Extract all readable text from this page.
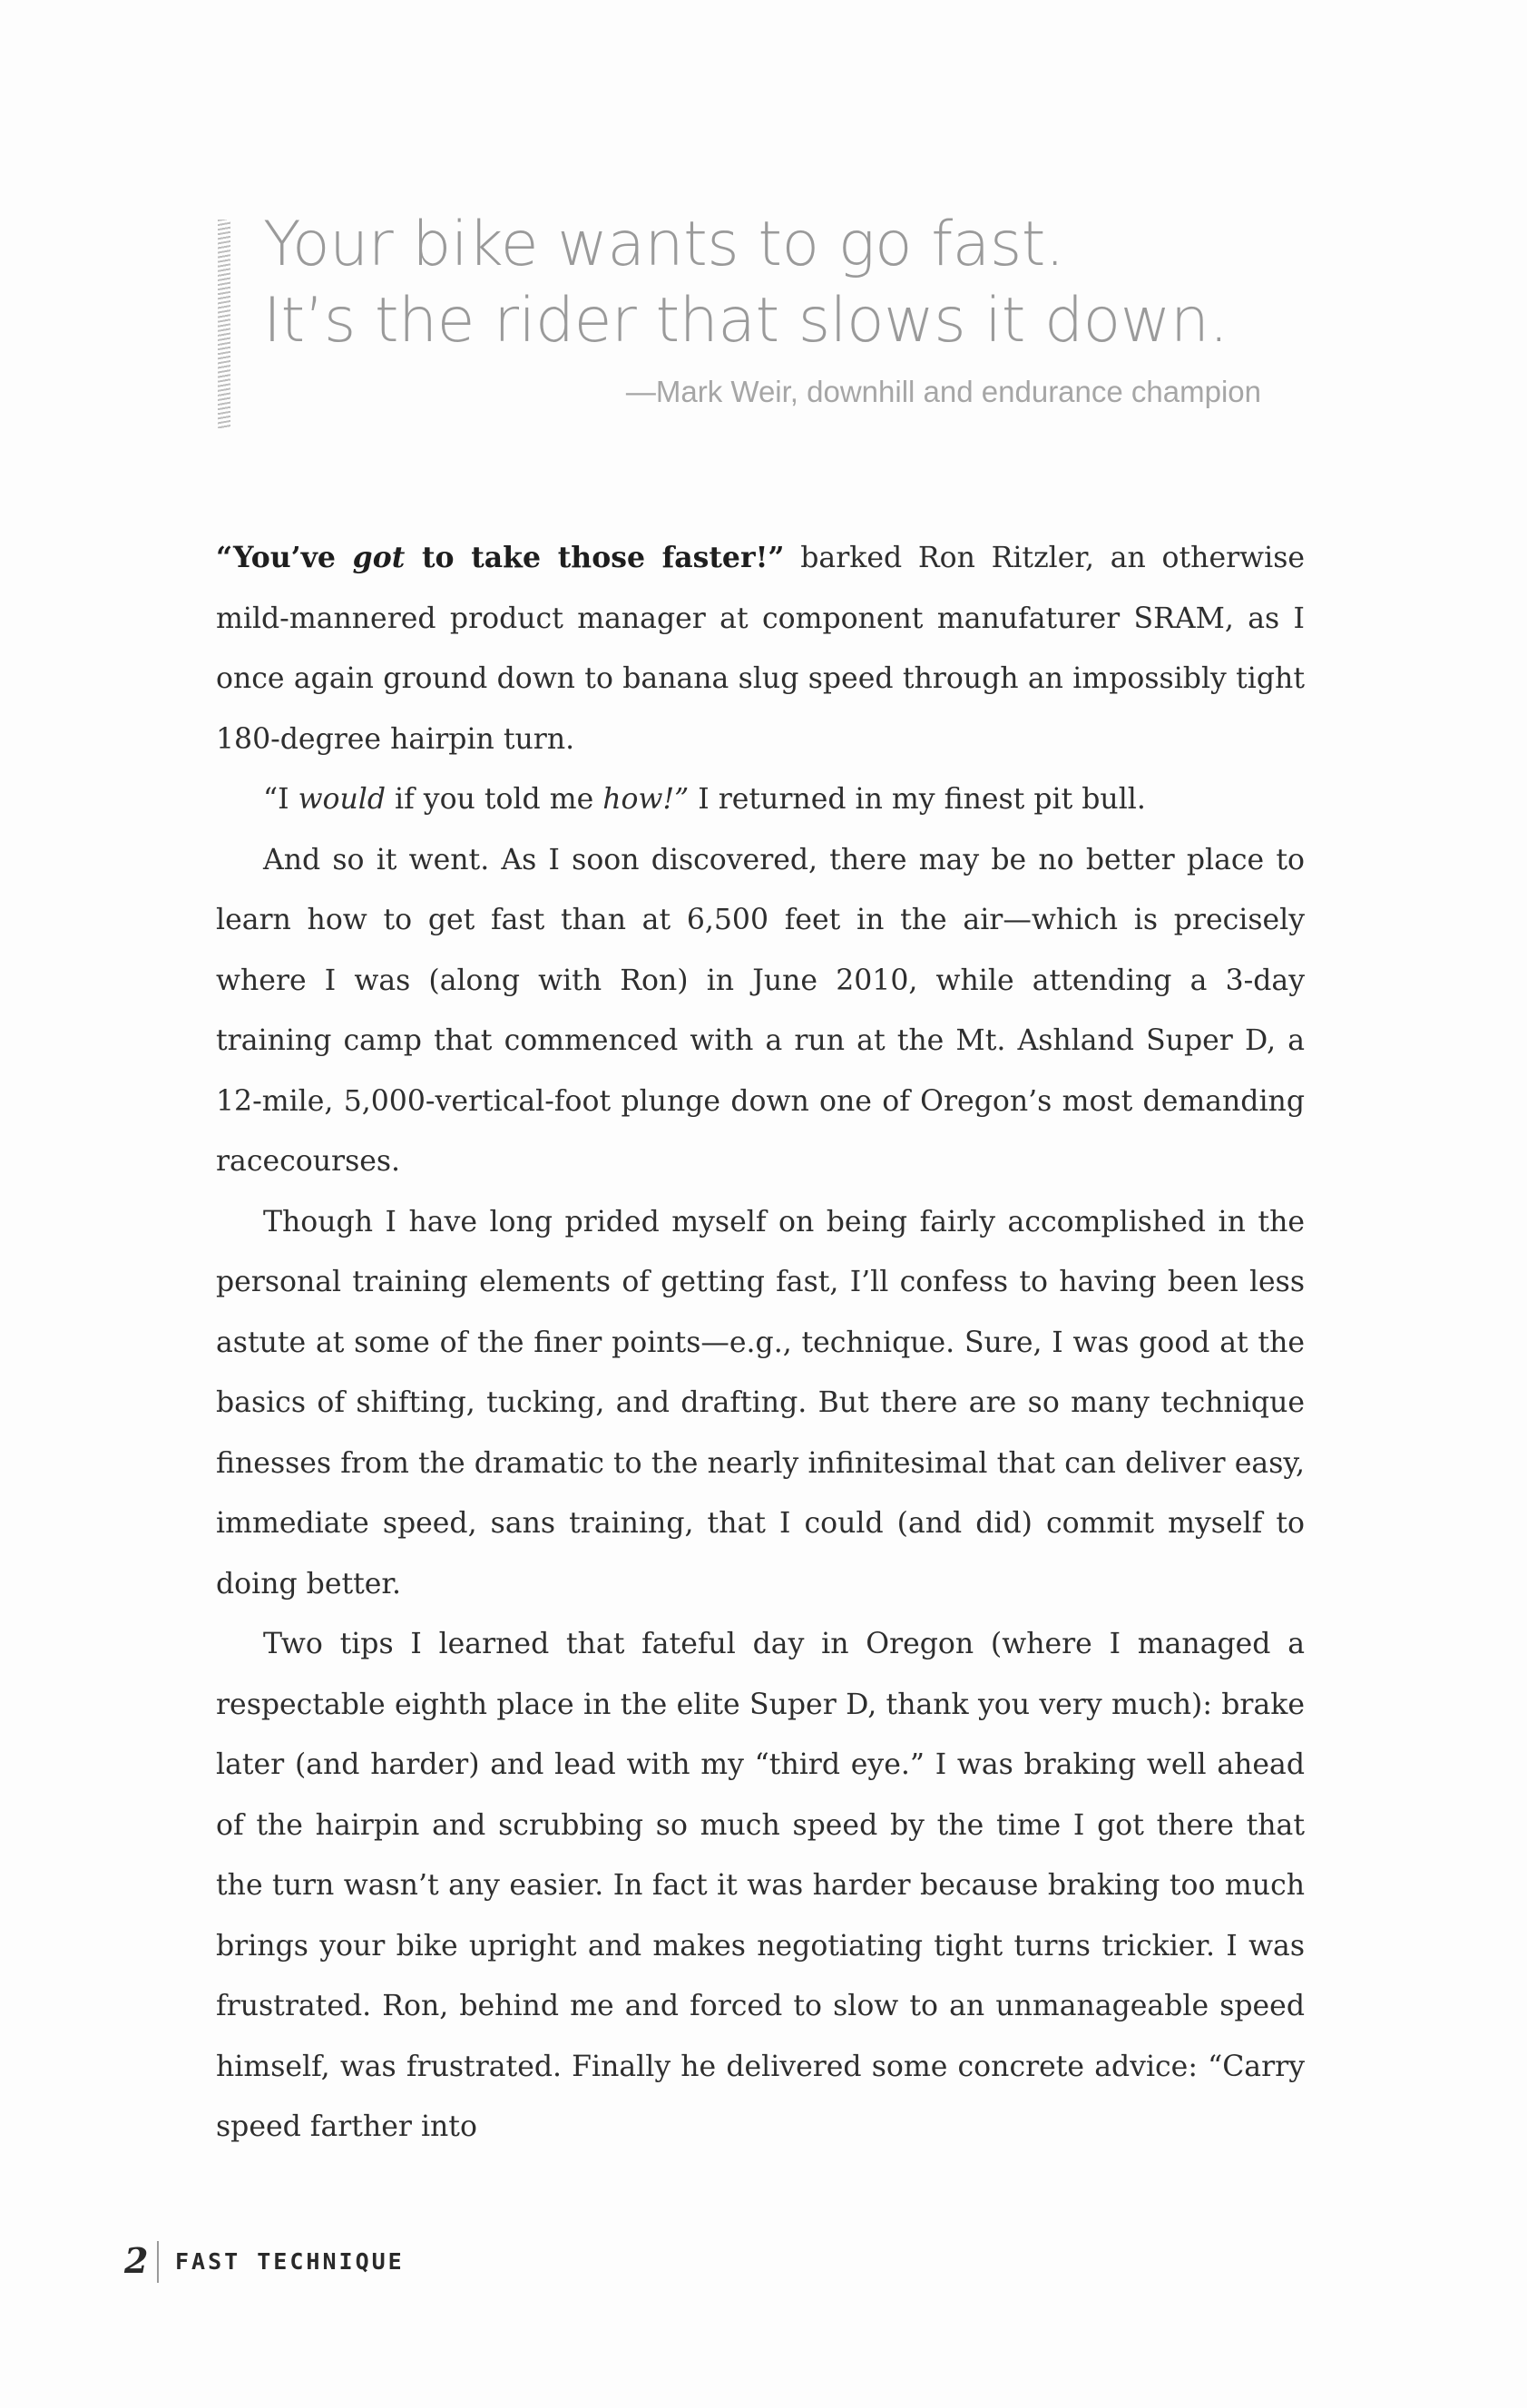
Your bike wants to go fast.
It’s the rider that slows it down.
—Mark Weir, downhill and endurance champion

“You’ve got to take those faster!” barked Ron Ritzler, an otherwise mild-mannered product manager at component manufaturer SRAM, as I once again ground down to banana slug speed through an impossibly tight 180-degree hairpin turn.

“I would if you told me how!” I returned in my finest pit bull.

And so it went. As I soon discovered, there may be no better place to learn how to get fast than at 6,500 feet in the air—which is precisely where I was (along with Ron) in June 2010, while attending a 3-day training camp that commenced with a run at the Mt. Ashland Super D, a 12-mile, 5,000-vertical-foot plunge down one of Oregon’s most demanding racecourses.

Though I have long prided myself on being fairly accomplished in the personal training elements of getting fast, I’ll confess to having been less astute at some of the finer points—e.g., technique. Sure, I was good at the basics of shifting, tucking, and drafting. But there are so many technique finesses from the dramatic to the nearly infinitesimal that can deliver easy, immediate speed, sans training, that I could (and did) commit myself to doing better.

Two tips I learned that fateful day in Oregon (where I managed a respectable eighth place in the elite Super D, thank you very much): brake later (and harder) and lead with my “third eye.” I was braking well ahead of the hairpin and scrubbing so much speed by the time I got there that the turn wasn’t any easier. In fact it was harder because braking too much brings your bike upright and makes negotiating tight turns trickier. I was frustrated. Ron, behind me and forced to slow to an unmanageable speed himself, was frustrated. Finally he delivered some concrete advice: “Carry speed farther into

2 FAST TECHNIQUE
